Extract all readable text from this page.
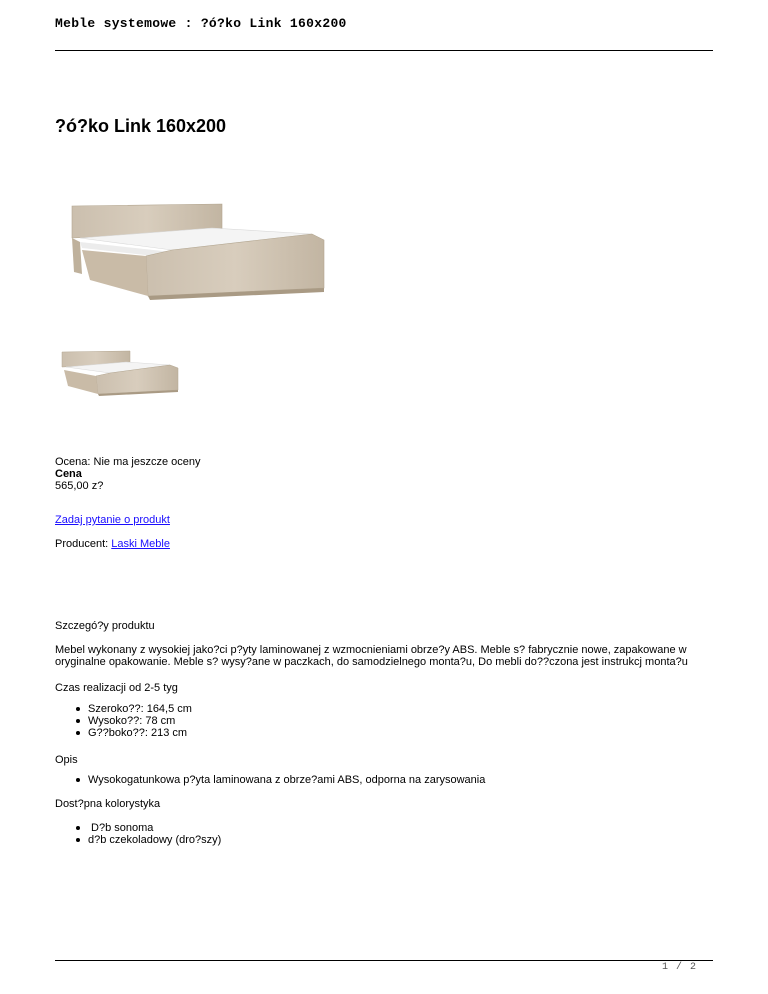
Meble systemowe : ?ó?ko Link 160x200
?ó?ko Link 160x200
Ocena: Nie ma jeszcze oceny
Cena
565,00 z?
Zadaj pytanie o produkt
Producent: Laski Meble
Szczegó?y produktu
Mebel wykonany z wysokiej jako?ci p?yty laminowanej z wzmocnieniami obrze?y ABS. Meble s? fabrycznie nowe, zapakowane w oryginalne opakowanie. Meble s? wysy?ane w paczkach, do samodzielnego monta?u, Do mebli do??czona jest instrukcj monta?u
Czas realizacji od 2-5 tyg
Szeroko??: 164,5 cm
Wysoko??: 78 cm
G??boko??: 213 cm
Opis
Wysokogatunkowa p?yta laminowana z obrze?ami ABS, odporna na zarysowania
Dost?pna kolorystyka
D?b sonoma
d?b czekoladowy (dro?szy)
1 / 2
